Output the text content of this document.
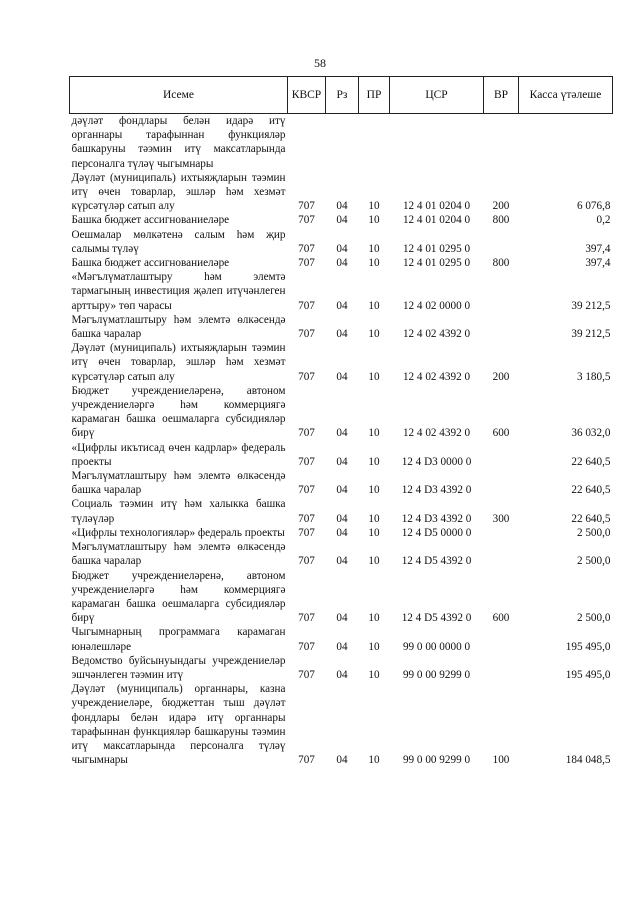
58
Исеме	КВСР	Рз	ПР	ЦСР	ВР	Касса үтәлеше
дәүләт фондлары белән идарә итү органнары тарафыннан функцияләр башкаруны тәэмин итү максатларында персоналга түләү чыгымнары						
Дәүләт (муниципаль) ихтыяҗларын тәэмин итү өчен товарлар, эшләр һәм хезмәт күрсәтүләр сатып алу	707	04	10	12 4 01 0204 0	200	6 076,8
Башка бюджет ассигнованиеләре	707	04	10	12 4 01 0204 0	800	0,2
Оешмалар мөлкәтенә салым һәм җир салымы түләү	707	04	10	12 4 01 0295 0		397,4
Башка бюджет ассигнованиеләре	707	04	10	12 4 01 0295 0	800	397,4
«Мәгълүматлаштыру һәм элемтә тармагының инвестиция җәлеп итүчәнлеген арттыру» төп чарасы	707	04	10	12 4 02 0000 0		39 212,5
Мәгълүматлаштыру һәм элемтә өлкәсендә башка чаралар	707	04	10	12 4 02 4392 0		39 212,5
Дәүләт (муниципаль) ихтыяҗларын тәэмин итү өчен товарлар, эшләр һәм хезмәт күрсәтүләр сатып алу	707	04	10	12 4 02 4392 0	200	3 180,5
Бюджет учреждениеләренә, автоном учреждениеләргә һәм коммерциягә карамаган башка оешмаларга субсидияләр бирү	707	04	10	12 4 02 4392 0	600	36 032,0
«Цифрлы икътисад өчен кадрлар» федераль проекты	707	04	10	12 4 D3 0000 0		22 640,5
Мәгълүматлаштыру һәм элемтә өлкәсендә башка чаралар	707	04	10	12 4 D3 4392 0		22 640,5
Социаль тәэмин итү һәм халыкка башка түләүләр	707	04	10	12 4 D3 4392 0	300	22 640,5
«Цифрлы технологияләр» федераль проекты	707	04	10	12 4 D5 0000 0		2 500,0
Мәгълүматлаштыру һәм элемтә өлкәсендә башка чаралар	707	04	10	12 4 D5 4392 0		2 500,0
Бюджет учреждениеләренә, автоном учреждениеләргә һәм коммерциягә карамаган башка оешмаларга субсидияләр бирү	707	04	10	12 4 D5 4392 0	600	2 500,0
Чыгымнарның программага карамаган юнәлешләре	707	04	10	99 0 00 0000 0		195 495,0
Ведомство буйсынуындагы учреждениеләр эшчәнлеген тәэмин итү	707	04	10	99 0 00 9299 0		195 495,0
Дәүләт (муниципаль) органнары, казна учреждениеләре, бюджеттан тыш дәүләт фондлары белән идарә итү органнары тарафыннан функцияләр башкаруны тәэмин итү максатларында персоналга түләү чыгымнары	707	04	10	99 0 00 9299 0	100	184 048,5
